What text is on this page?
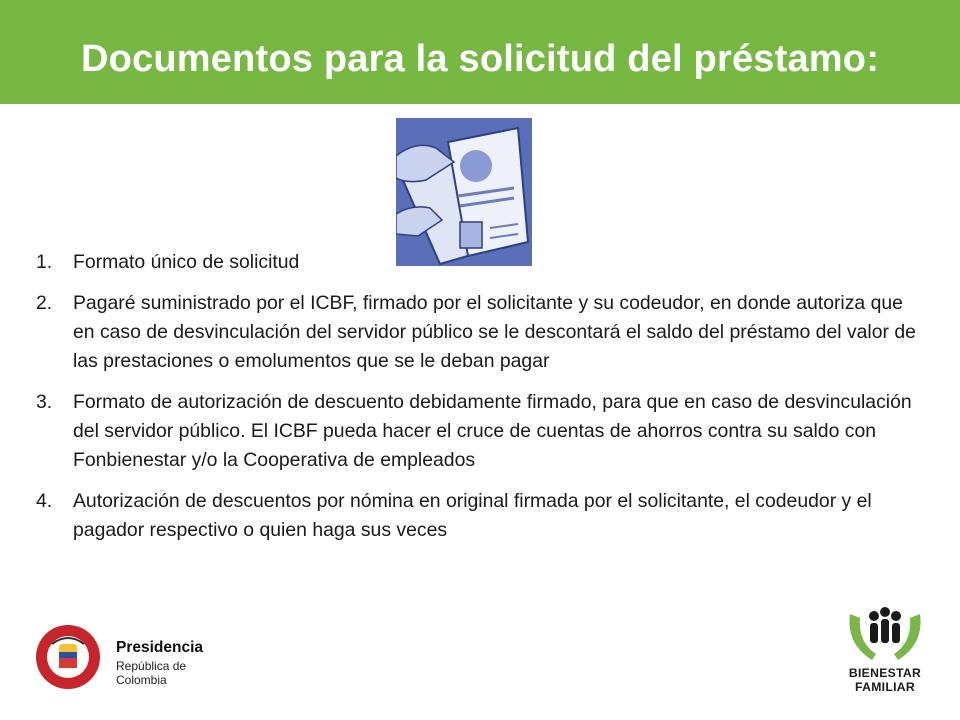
Documentos para la solicitud del préstamo:
1. Formato único de solicitud
2. Pagaré suministrado por el ICBF, firmado por el solicitante y su codeudor, en donde autoriza que en caso de desvinculación del servidor público se le descontará el saldo del préstamo del valor de las prestaciones o emolumentos que se le deban pagar
3. Formato de autorización de descuento debidamente firmado, para que en caso de desvinculación del servidor público. El ICBF pueda hacer el cruce de cuentas de ahorros contra su saldo con Fonbienestar y/o la Cooperativa de empleados
4. Autorización de descuentos por nómina en original firmada por el solicitante, el codeudor y el pagador respectivo o quien haga sus veces
Presidencia
República de Colombia	BIENESTAR
FAMILIAR
